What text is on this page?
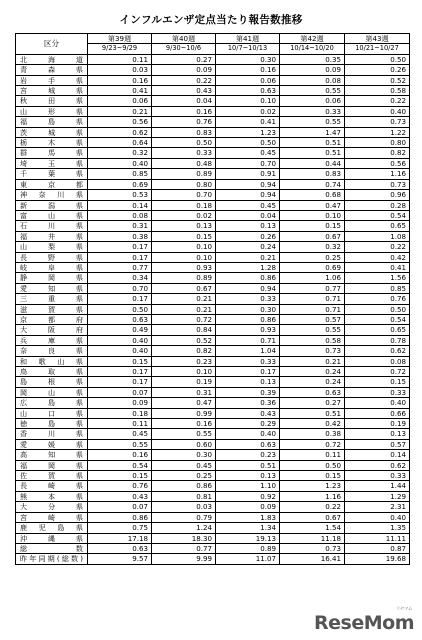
インフルエンザ定点当たり報告数推移
区分	第39週	第40週	第41週	第42週	第43週
	9/23~9/29	9/30~10/6	10/7~10/13	10/14~10/20	10/21~10/27
北海道	0.11	0.27	0.30	0.35	0.50
青森県	0.03	0.09	0.16	0.09	0.26
岩手県	0.16	0.22	0.06	0.08	0.52
宮城県	0.41	0.43	0.63	0.55	0.58
秋田県	0.06	0.04	0.10	0.06	0.22
山形県	0.21	0.16	0.02	0.33	0.40
福島県	0.56	0.76	0.41	0.55	0.73
茨城県	0.62	0.83	1.23	1.47	1.22
栃木県	0.64	0.50	0.50	0.51	0.80
群馬県	0.32	0.33	0.45	0.51	0.82
埼玉県	0.40	0.48	0.70	0.44	0.56
千葉県	0.85	0.89	0.91	0.83	1.16
東京都	0.69	0.80	0.94	0.74	0.73
神奈川県	0.53	0.70	0.94	0.68	0.96
新潟県	0.14	0.18	0.45	0.47	0.28
富山県	0.08	0.02	0.04	0.10	0.54
石川県	0.31	0.13	0.13	0.15	0.65
福井県	0.38	0.15	0.26	0.67	1.08
山梨県	0.17	0.10	0.24	0.32	0.22
長野県	0.17	0.10	0.21	0.25	0.42
岐阜県	0.77	0.93	1.28	0.69	0.41
静岡県	0.34	0.89	0.86	1.06	1.56
愛知県	0.70	0.67	0.94	0.77	0.85
三重県	0.17	0.21	0.33	0.71	0.76
滋賀県	0.50	0.21	0.30	0.71	0.50
京都府	0.63	0.72	0.86	0.57	0.54
大阪府	0.49	0.84	0.93	0.55	0.65
兵庫県	0.40	0.52	0.71	0.58	0.78
奈良県	0.40	0.82	1.04	0.73	0.62
和歌山県	0.15	0.23	0.33	0.21	0.08
鳥取県	0.17	0.10	0.17	0.24	0.72
島根県	0.17	0.19	0.13	0.24	0.15
岡山県	0.07	0.31	0.39	0.63	0.33
広島県	0.09	0.47	0.36	0.27	0.40
山口県	0.18	0.99	0.43	0.51	0.66
徳島県	0.11	0.16	0.29	0.42	0.19
香川県	0.45	0.55	0.40	0.38	0.13
愛媛県	0.55	0.60	0.63	0.72	0.57
高知県	0.16	0.30	0.23	0.11	0.14
福岡県	0.54	0.45	0.51	0.50	0.62
佐賀県	0.15	0.25	0.13	0.15	0.33
長崎県	0.76	0.86	1.10	1.23	1.44
熊本県	0.43	0.81	0.92	1.16	1.29
大分県	0.07	0.03	0.09	0.22	2.31
宮崎県	0.86	0.79	1.83	0.67	0.40
鹿児島県	0.75	1.24	1.34	1.54	1.35
沖縄県	17.18	18.30	19.13	11.18	11.11
総数	0.63	0.77	0.89	0.73	0.87
昨年同期(総数)	9.57	9.99	11.07	16.41	19.68
リセマム
ReseMom
